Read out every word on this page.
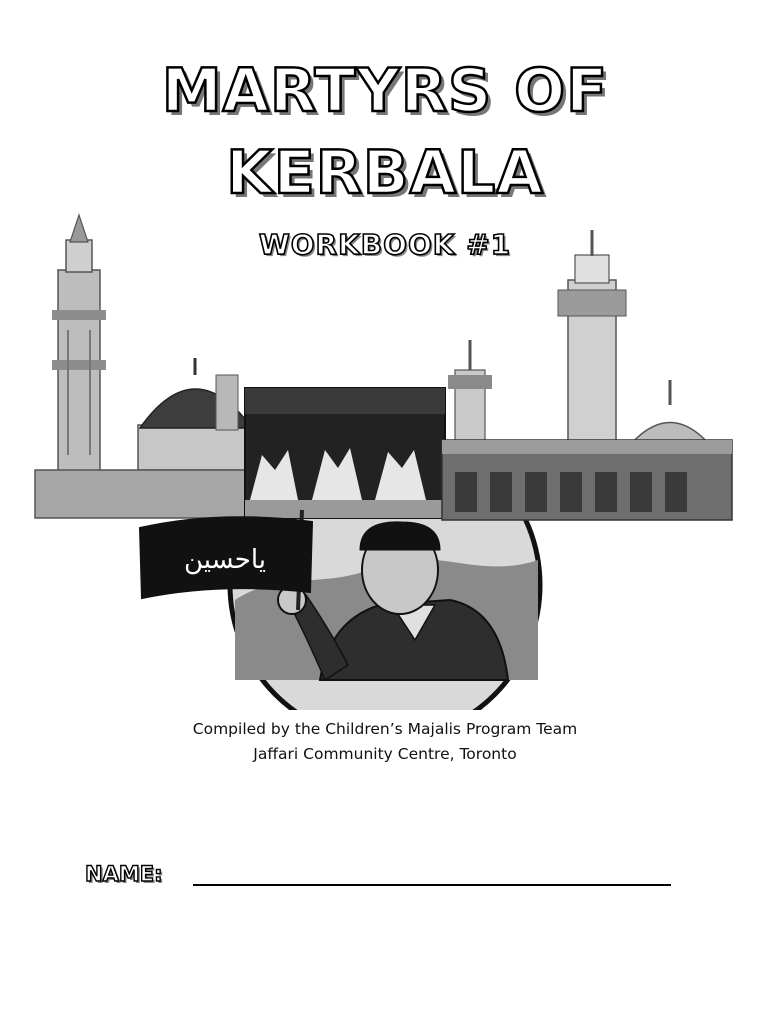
MARTYRS OF
KERBALA
WORKBOOK #1
ياحسين
Compiled by the Children’s Majalis Program Team
Jaffari Community Centre, Toronto
NAME:
